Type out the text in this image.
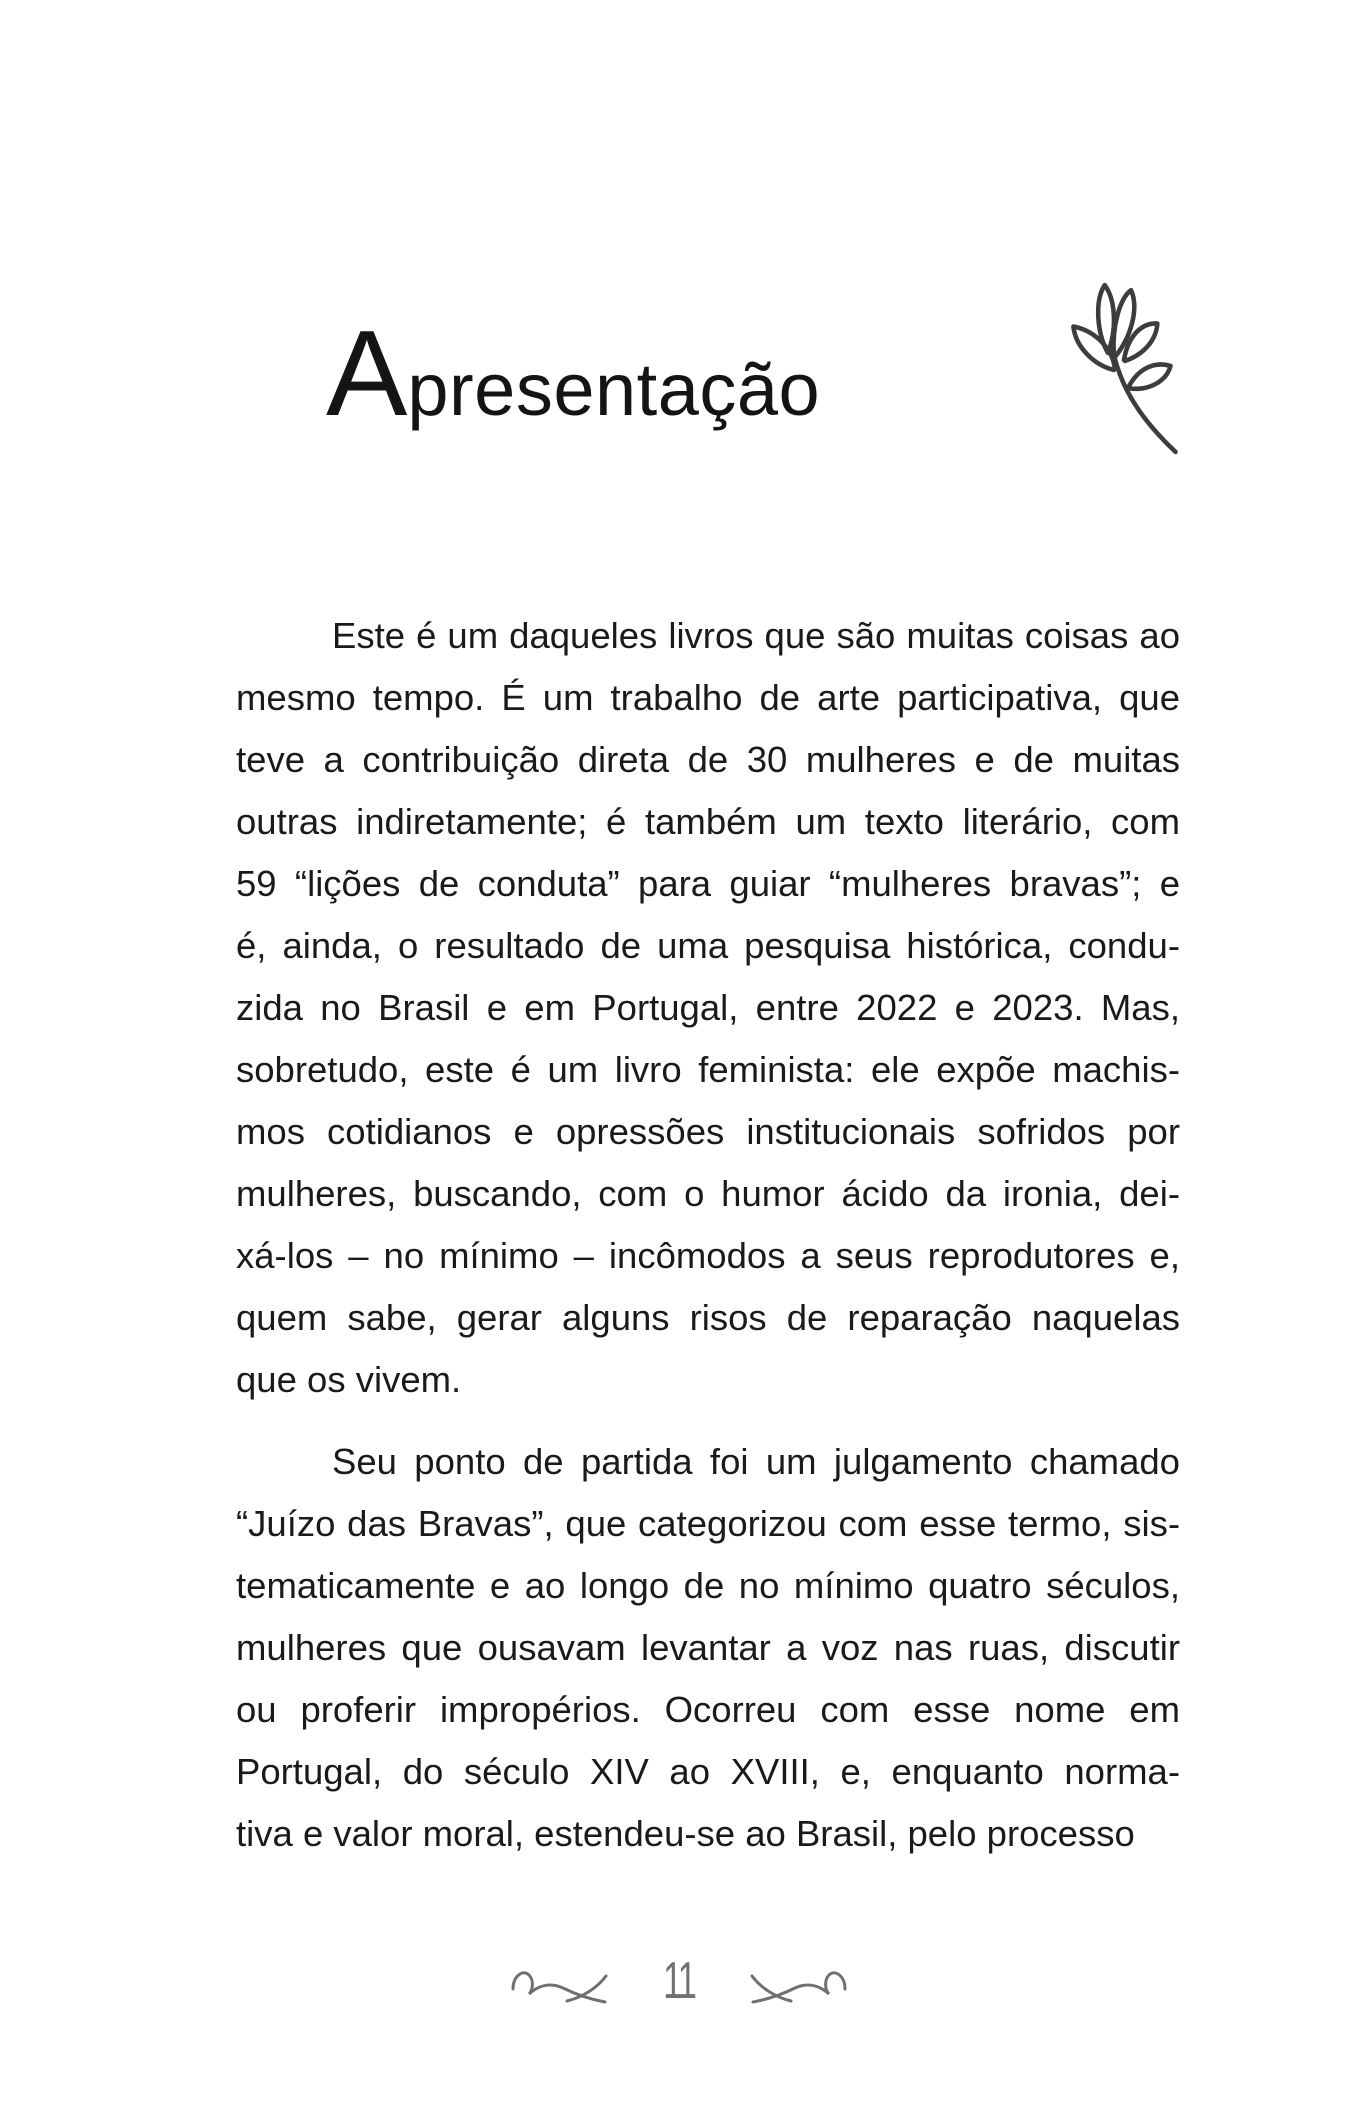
Apresentação
Este é um daqueles livros que são muitas coisas ao
mesmo tempo. É um trabalho de arte participativa, que
teve a contribuição direta de 30 mulheres e de muitas
outras indiretamente; é também um texto literário, com
59 “lições de conduta” para guiar “mulheres bravas”; e
é, ainda, o resultado de uma pesquisa histórica, condu-
zida no Brasil e em Portugal, entre 2022 e 2023. Mas,
sobretudo, este é um livro feminista: ele expõe machis-
mos cotidianos e opressões institucionais sofridos por
mulheres, buscando, com o humor ácido da ironia, dei-
xá-los – no mínimo – incômodos a seus reprodutores e,
quem sabe, gerar alguns risos de reparação naquelas
que os vivem.
Seu ponto de partida foi um julgamento chamado
“Juízo das Bravas”, que categorizou com esse termo, sis-
tematicamente e ao longo de no mínimo quatro séculos,
mulheres que ousavam levantar a voz nas ruas, discutir
ou proferir impropérios. Ocorreu com esse nome em
Portugal, do século XIV ao XVIII, e, enquanto norma-
tiva e valor moral, estendeu-se ao Brasil, pelo processo
11
